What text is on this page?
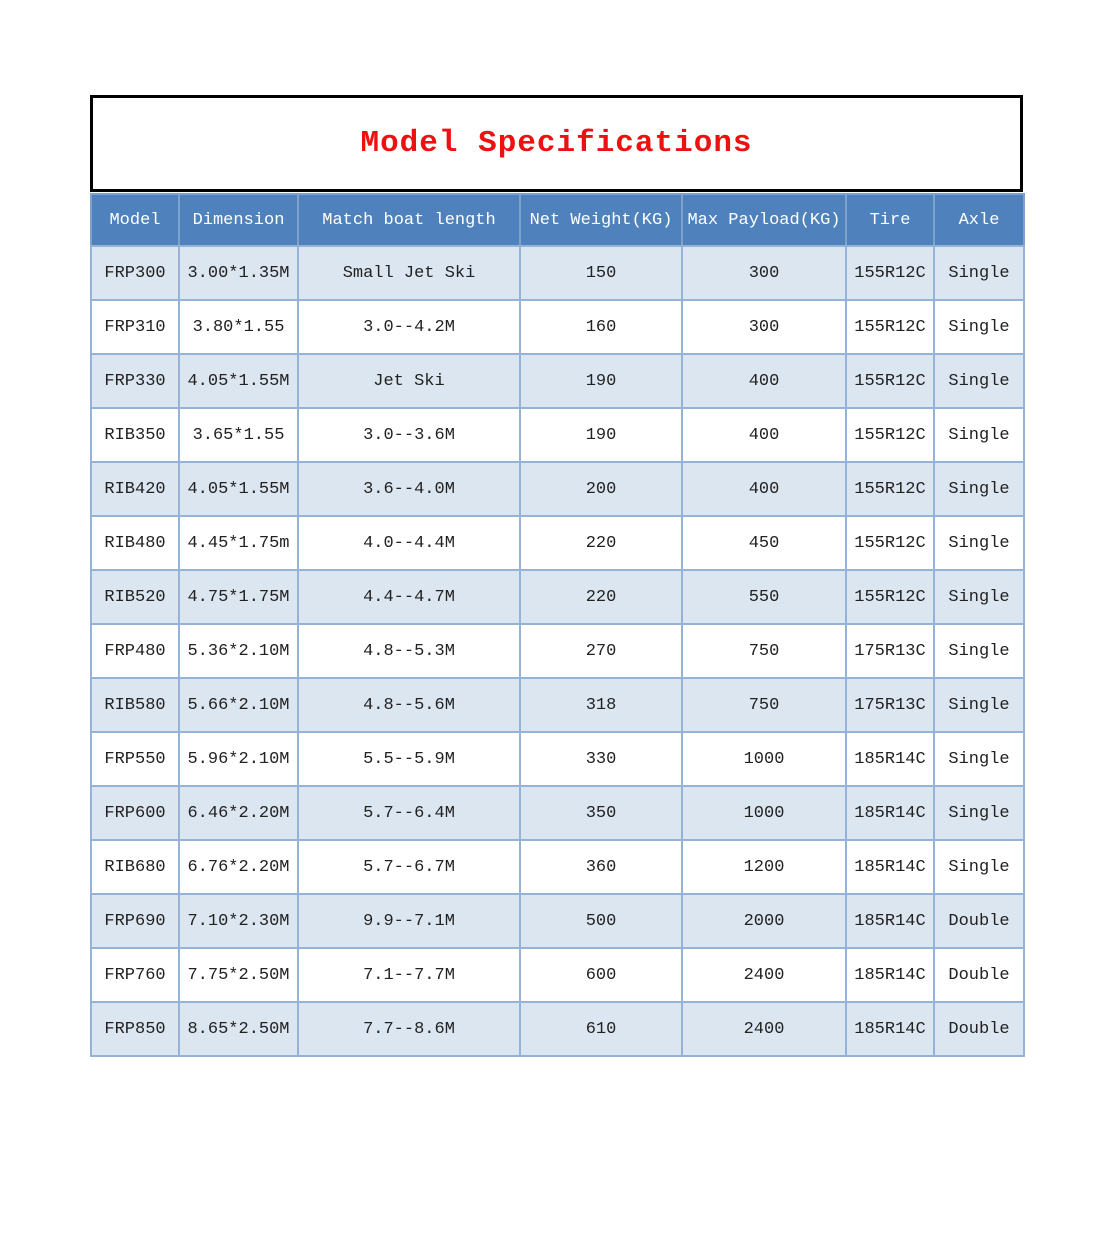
Model Specifications
Model	Dimension	Match boat length	Net Weight(KG)	Max Payload(KG)	Tire	Axle
FRP300	3.00*1.35M	Small Jet Ski	150	300	155R12C	Single
FRP310	3.80*1.55	3.0--4.2M	160	300	155R12C	Single
FRP330	4.05*1.55M	Jet Ski	190	400	155R12C	Single
RIB350	3.65*1.55	3.0--3.6M	190	400	155R12C	Single
RIB420	4.05*1.55M	3.6--4.0M	200	400	155R12C	Single
RIB480	4.45*1.75m	4.0--4.4M	220	450	155R12C	Single
RIB520	4.75*1.75M	4.4--4.7M	220	550	155R12C	Single
FRP480	5.36*2.10M	4.8--5.3M	270	750	175R13C	Single
RIB580	5.66*2.10M	4.8--5.6M	318	750	175R13C	Single
FRP550	5.96*2.10M	5.5--5.9M	330	1000	185R14C	Single
FRP600	6.46*2.20M	5.7--6.4M	350	1000	185R14C	Single
RIB680	6.76*2.20M	5.7--6.7M	360	1200	185R14C	Single
FRP690	7.10*2.30M	9.9--7.1M	500	2000	185R14C	Double
FRP760	7.75*2.50M	7.1--7.7M	600	2400	185R14C	Double
FRP850	8.65*2.50M	7.7--8.6M	610	2400	185R14C	Double
